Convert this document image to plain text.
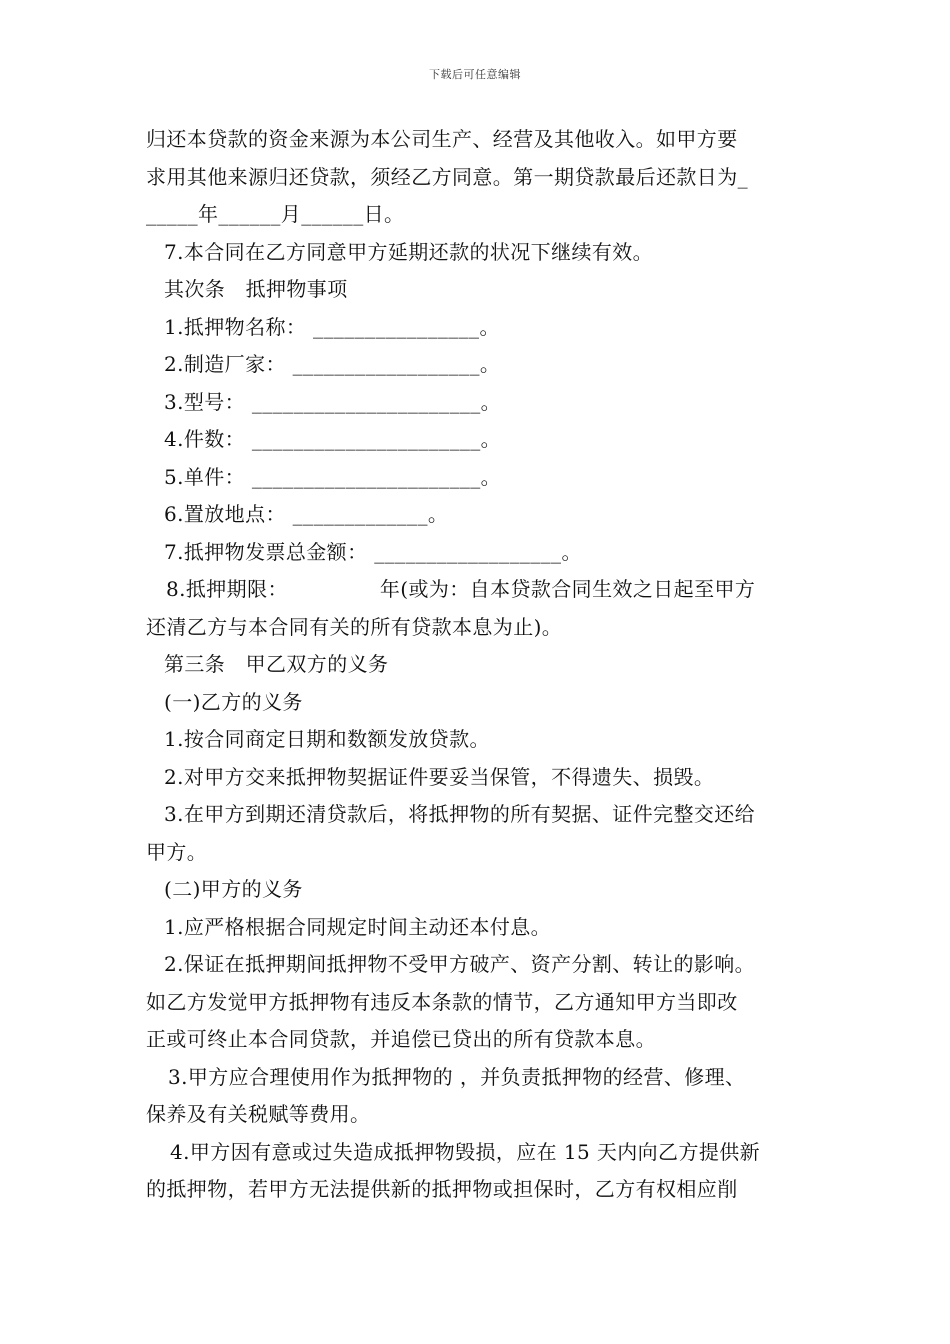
下载后可任意编辑
归还本贷款的资金来源为本公司生产、经营及其他收入。如甲方要
求用其他来源归还贷款，须经乙方同意。第一期贷款最后还款日为_
_____年______月______日。
7.本合同在乙方同意甲方延期还款的状况下继续有效。
其次条　抵押物事项
1.抵押物名称： ________________。
2.制造厂家： __________________。
3.型号： ______________________。
4.件数： ______________________。
5.单件： ______________________。
6.置放地点： _____________。
7.抵押物发票总金额： __________________。
8.抵押期限：　　　　　年(或为：自本贷款合同生效之日起至甲方
还清乙方与本合同有关的所有贷款本息为止)。
第三条　甲乙双方的义务
(一)乙方的义务
1.按合同商定日期和数额发放贷款。
2.对甲方交来抵押物契据证件要妥当保管，不得遗失、损毁。
3.在甲方到期还清贷款后，将抵押物的所有契据、证件完整交还给
甲方。
(二)甲方的义务
1.应严格根据合同规定时间主动还本付息。
2.保证在抵押期间抵押物不受甲方破产、资产分割、转让的影响。
如乙方发觉甲方抵押物有违反本条款的情节，乙方通知甲方当即改
正或可终止本合同贷款，并追偿已贷出的所有贷款本息。
3.甲方应合理使用作为抵押物的 ，并负责抵押物的经营、修理、
保养及有关税赋等费用。
4.甲方因有意或过失造成抵押物毁损，应在 15 天内向乙方提供新
的抵押物，若甲方无法提供新的抵押物或担保时，乙方有权相应削
